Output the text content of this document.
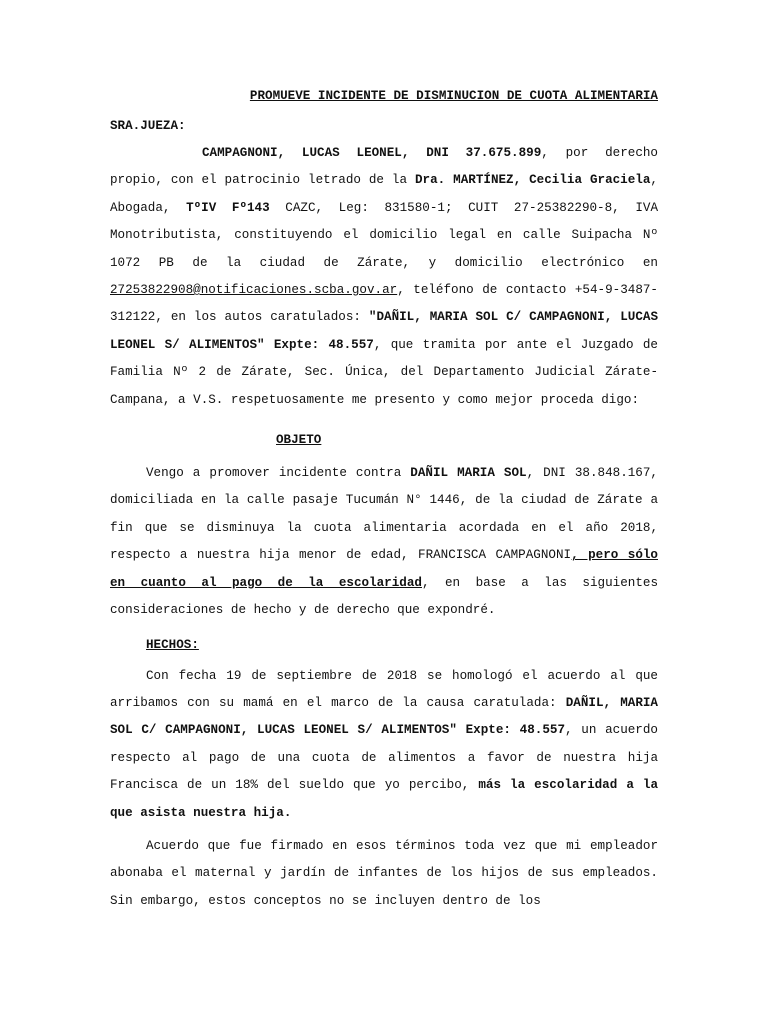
PROMUEVE INCIDENTE DE DISMINUCION DE CUOTA ALIMENTARIA

SRA.JUEZA:

CAMPAGNONI, LUCAS LEONEL, DNI 37.675.899, por derecho propio, con el patrocinio letrado de la Dra. MARTÍNEZ, Cecilia Graciela, Abogada, TºIV Fº143 CAZC, Leg: 831580-1; CUIT 27-25382290-8, IVA Monotributista, constituyendo el domicilio legal en calle Suipacha Nº 1072 PB de la ciudad de Zárate, y domicilio electrónico en 27253822908@notificaciones.scba.gov.ar, teléfono de contacto +54-9-3487-312122, en los autos caratulados: "DAÑIL, MARIA SOL C/ CAMPAGNONI, LUCAS LEONEL S/ ALIMENTOS" Expte: 48.557, que tramita por ante el Juzgado de Familia Nº 2 de Zárate, Sec. Única, del Departamento Judicial Zárate-Campana, a V.S. respetuosamente me presento y como mejor proceda digo:

OBJETO

Vengo a promover incidente contra DAÑIL MARIA SOL, DNI 38.848.167, domiciliada en la calle pasaje Tucumán N° 1446, de la ciudad de Zárate a fin que se disminuya la cuota alimentaria acordada en el año 2018, respecto a nuestra hija menor de edad, FRANCISCA CAMPAGNONI, pero sólo en cuanto al pago de la escolaridad, en base a las siguientes consideraciones de hecho y de derecho que expondré.

HECHOS:

Con fecha 19 de septiembre de 2018 se homologó el acuerdo al que arribamos con su mamá en el marco de la causa caratulada: DAÑIL, MARIA SOL C/ CAMPAGNONI, LUCAS LEONEL S/ ALIMENTOS" Expte: 48.557, un acuerdo respecto al pago de una cuota de alimentos a favor de nuestra hija Francisca de un 18% del sueldo que yo percibo, más la escolaridad a la que asista nuestra hija.

Acuerdo que fue firmado en esos términos toda vez que mi empleador abonaba el maternal y jardín de infantes de los hijos de sus empleados. Sin embargo, estos conceptos no se incluyen dentro de los
